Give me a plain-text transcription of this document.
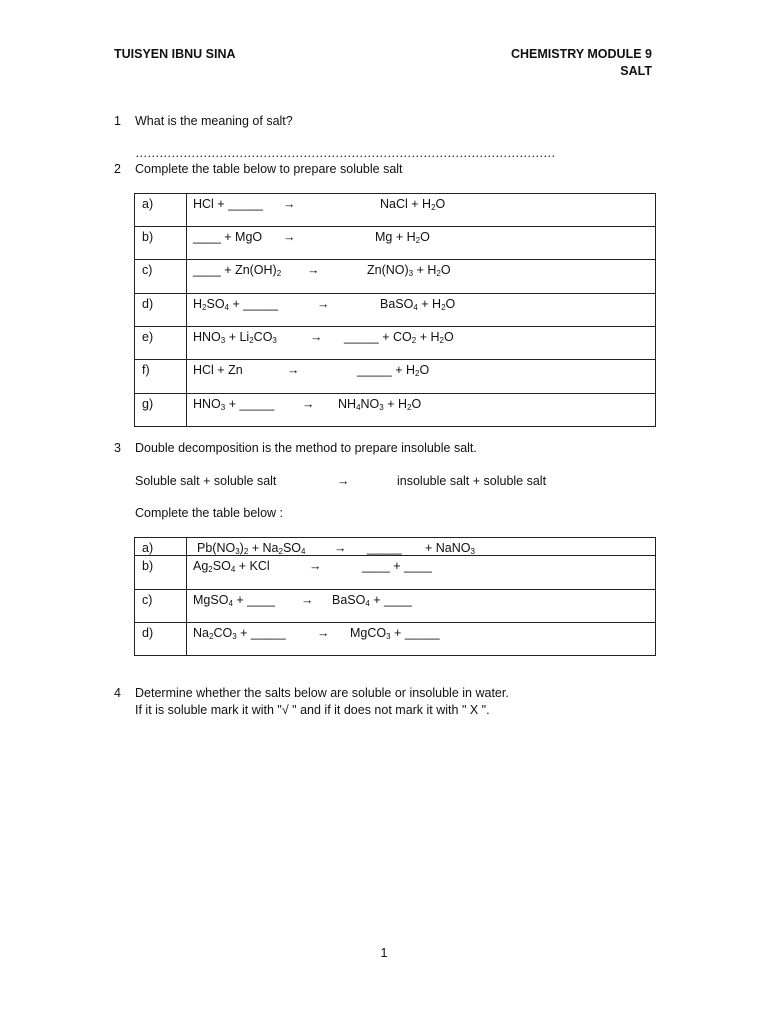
TUISYEN IBNU SINA	CHEMISTRY MODULE 9
SALT
1 What is the meaning of salt?
……………………………………………………………………………………………
2 Complete the table below to prepare soluble salt
a)	HCl + _____ → NaCl + $H_2O$

b)	____ + MgO → $Mg + H_2O$

c)	____ + $Zn(OH)_2 \to Zn(NO)_3 + H_2O$

d)	$H_2SO_4$ + _____ → BaSO$_4$ + $H_2O$

e)	$HNO_3 + Li_2CO_3$ → _____ + $CO_2 + H_2O$

f)	HCl + Zn → _____ + $H_2O$

g)	$HNO_3$ + _____ → $NH_4NO_3 + H_2O$
3 Double decomposition is the method to prepare insoluble salt.
Soluble salt + soluble salt	→	insoluble salt + soluble salt
Complete the table below :
a)	$Pb(NO_3)_2 + Na_2SO_4$ → _____ + NaNO$_3$

b)	$Ag_2SO_4$ + KCl → ____ + ____

c)	MgSO$_4$ + ____ → BaSO$_4$ + ____

d)	$Na_2CO_3$ + _____ → MgCO$_3$ + _____
4 Determine whether the salts below are soluble or insoluble in water.
If it is soluble mark it with "√ " and if it does not mark it with " X ".
1
